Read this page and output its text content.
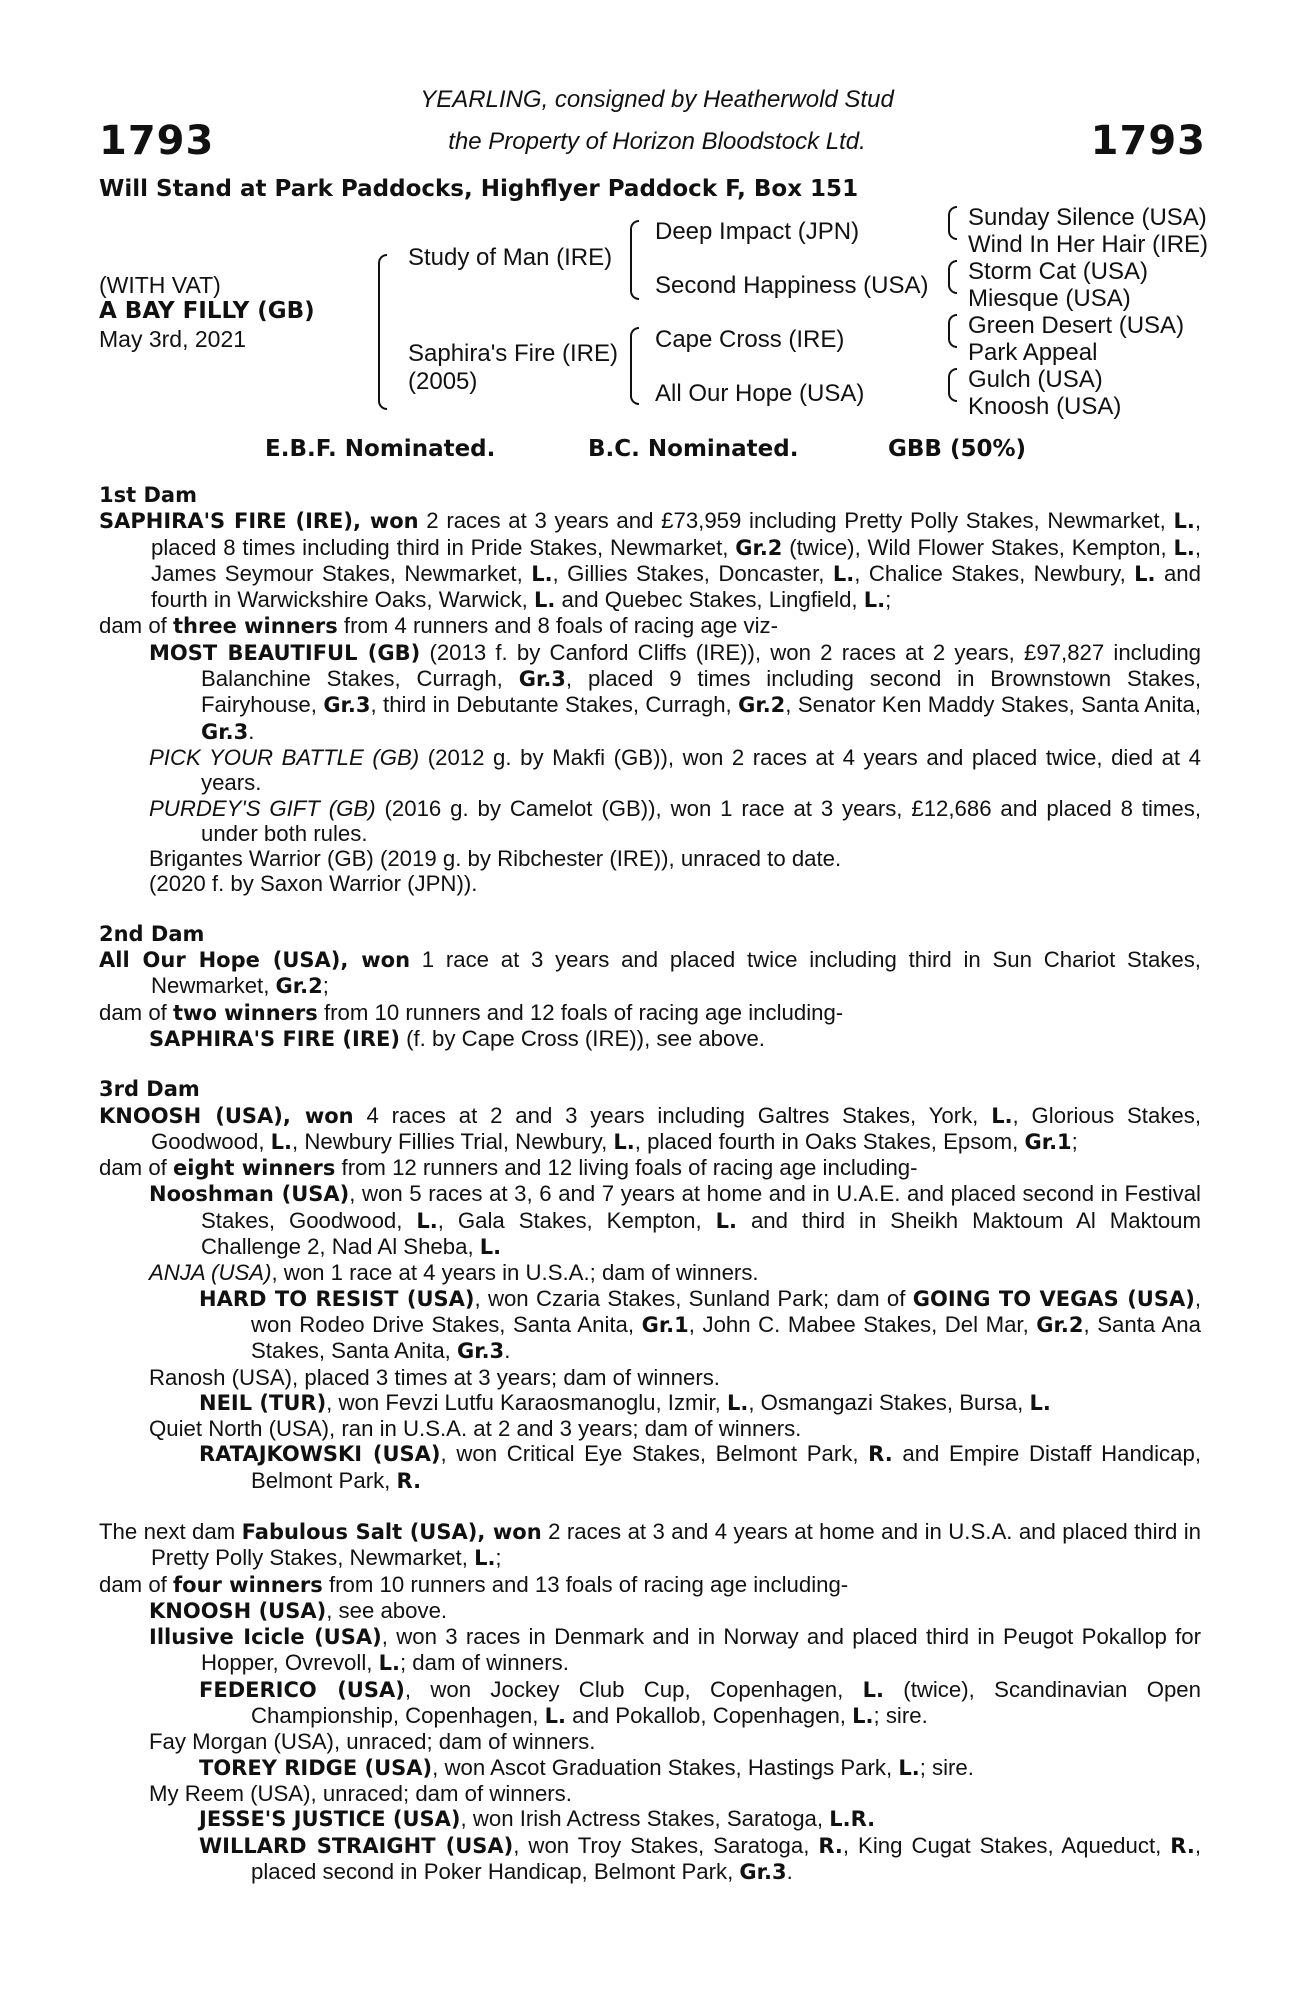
1793	1793
YEARLING, consigned by Heatherwold Stud
the Property of Horizon Bloodstock Ltd.
Will Stand at Park Paddocks, Highflyer Paddock F, Box 151
(WITH VAT)
A BAY FILLY (GB)
May 3rd, 2021
Study of Man (IRE)
Saphira's Fire (IRE)
(2005)
Deep Impact (JPN)
Second Happiness (USA)
Cape Cross (IRE)
All Our Hope (USA)
Sunday Silence (USA)
Wind In Her Hair (IRE)
Storm Cat (USA)
Miesque (USA)
Green Desert (USA)
Park Appeal
Gulch (USA)
Knoosh (USA)
E.B.F. Nominated.	B.C. Nominated.	GBB (50%)
1st Dam
SAPHIRA'S FIRE (IRE), won 2 races at 3 years and £73,959 including Pretty Polly Stakes, Newmarket, L., placed 8 times including third in Pride Stakes, Newmarket, Gr.2 (twice), Wild Flower Stakes, Kempton, L., James Seymour Stakes, Newmarket, L., Gillies Stakes, Doncaster, L., Chalice Stakes, Newbury, L. and fourth in Warwickshire Oaks, Warwick, L. and Quebec Stakes, Lingfield, L.;
dam of three winners from 4 runners and 8 foals of racing age viz-
MOST BEAUTIFUL (GB) (2013 f. by Canford Cliffs (IRE)), won 2 races at 2 years, £97,827 including Balanchine Stakes, Curragh, Gr.3, placed 9 times including second in Brownstown Stakes, Fairyhouse, Gr.3, third in Debutante Stakes, Curragh, Gr.2, Senator Ken Maddy Stakes, Santa Anita, Gr.3.
PICK YOUR BATTLE (GB) (2012 g. by Makfi (GB)), won 2 races at 4 years and placed twice, died at 4 years.
PURDEY'S GIFT (GB) (2016 g. by Camelot (GB)), won 1 race at 3 years, £12,686 and placed 8 times, under both rules.
Brigantes Warrior (GB) (2019 g. by Ribchester (IRE)), unraced to date.
(2020 f. by Saxon Warrior (JPN)).
2nd Dam
All Our Hope (USA), won 1 race at 3 years and placed twice including third in Sun Chariot Stakes, Newmarket, Gr.2;
dam of two winners from 10 runners and 12 foals of racing age including-
SAPHIRA'S FIRE (IRE) (f. by Cape Cross (IRE)), see above.
3rd Dam
KNOOSH (USA), won 4 races at 2 and 3 years including Galtres Stakes, York, L., Glorious Stakes, Goodwood, L., Newbury Fillies Trial, Newbury, L., placed fourth in Oaks Stakes, Epsom, Gr.1;
dam of eight winners from 12 runners and 12 living foals of racing age including-
Nooshman (USA), won 5 races at 3, 6 and 7 years at home and in U.A.E. and placed second in Festival Stakes, Goodwood, L., Gala Stakes, Kempton, L. and third in Sheikh Maktoum Al Maktoum Challenge 2, Nad Al Sheba, L.
ANJA (USA), won 1 race at 4 years in U.S.A.; dam of winners.
HARD TO RESIST (USA), won Czaria Stakes, Sunland Park; dam of GOING TO VEGAS (USA), won Rodeo Drive Stakes, Santa Anita, Gr.1, John C. Mabee Stakes, Del Mar, Gr.2, Santa Ana Stakes, Santa Anita, Gr.3.
Ranosh (USA), placed 3 times at 3 years; dam of winners.
NEIL (TUR), won Fevzi Lutfu Karaosmanoglu, Izmir, L., Osmangazi Stakes, Bursa, L.
Quiet North (USA), ran in U.S.A. at 2 and 3 years; dam of winners.
RATAJKOWSKI (USA), won Critical Eye Stakes, Belmont Park, R. and Empire Distaff Handicap, Belmont Park, R.
The next dam Fabulous Salt (USA), won 2 races at 3 and 4 years at home and in U.S.A. and placed third in Pretty Polly Stakes, Newmarket, L.;
dam of four winners from 10 runners and 13 foals of racing age including-
KNOOSH (USA), see above.
Illusive Icicle (USA), won 3 races in Denmark and in Norway and placed third in Peugot Pokallop for Hopper, Ovrevoll, L.; dam of winners.
FEDERICO (USA), won Jockey Club Cup, Copenhagen, L. (twice), Scandinavian Open Championship, Copenhagen, L. and Pokallob, Copenhagen, L.; sire.
Fay Morgan (USA), unraced; dam of winners.
TOREY RIDGE (USA), won Ascot Graduation Stakes, Hastings Park, L.; sire.
My Reem (USA), unraced; dam of winners.
JESSE'S JUSTICE (USA), won Irish Actress Stakes, Saratoga, L.R.
WILLARD STRAIGHT (USA), won Troy Stakes, Saratoga, R., King Cugat Stakes, Aqueduct, R., placed second in Poker Handicap, Belmont Park, Gr.3.
